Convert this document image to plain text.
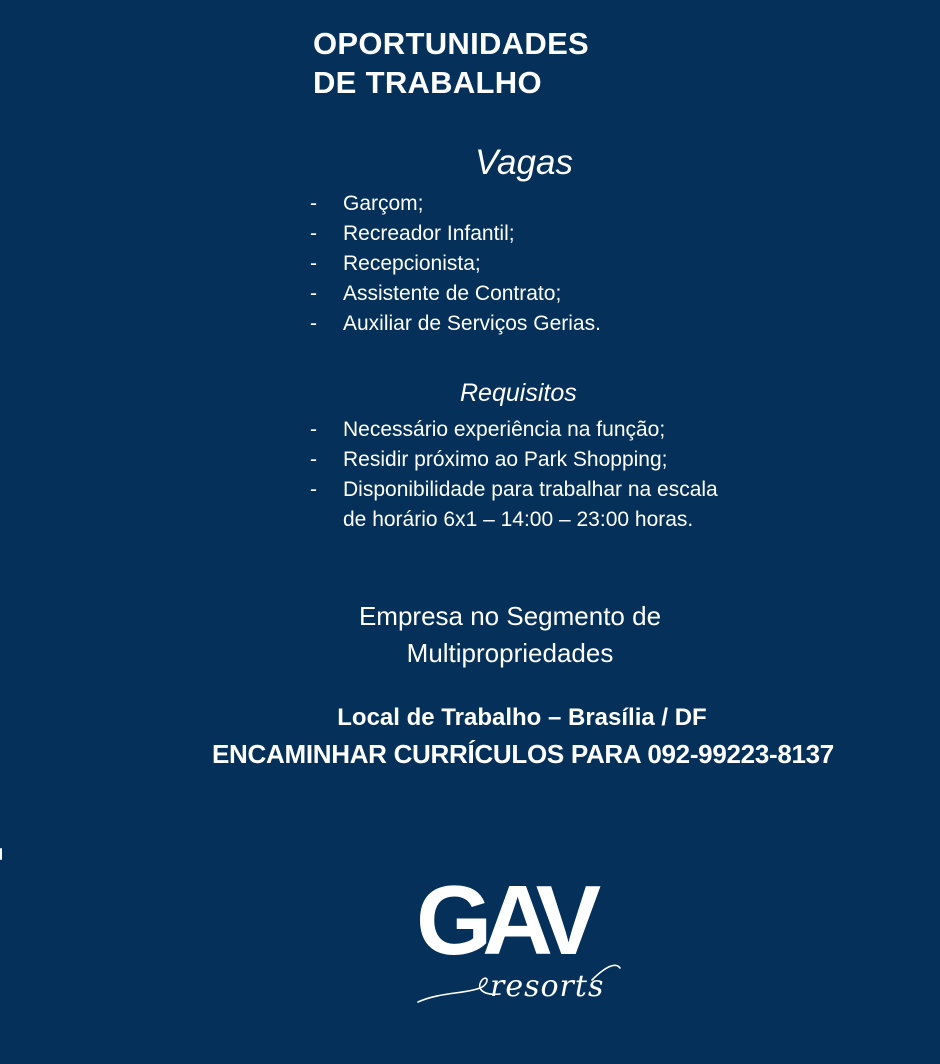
OPORTUNIDADES
DE TRABALHO
Vagas
- Garçom;
- Recreador Infantil;
- Recepcionista;
- Assistente de Contrato;
- Auxiliar de Serviços Gerias.
Requisitos
- Necessário experiência na função;
- Residir próximo ao Park Shopping;
- Disponibilidade para trabalhar na escala de horário 6x1 – 14:00 – 23:00 horas.

Empresa no Segmento de
Multipropriedades

Local de Trabalho – Brasília / DF

ENCAMINHAR CURRÍCULOS PARA 092-99223-8137

GAV
resorts
